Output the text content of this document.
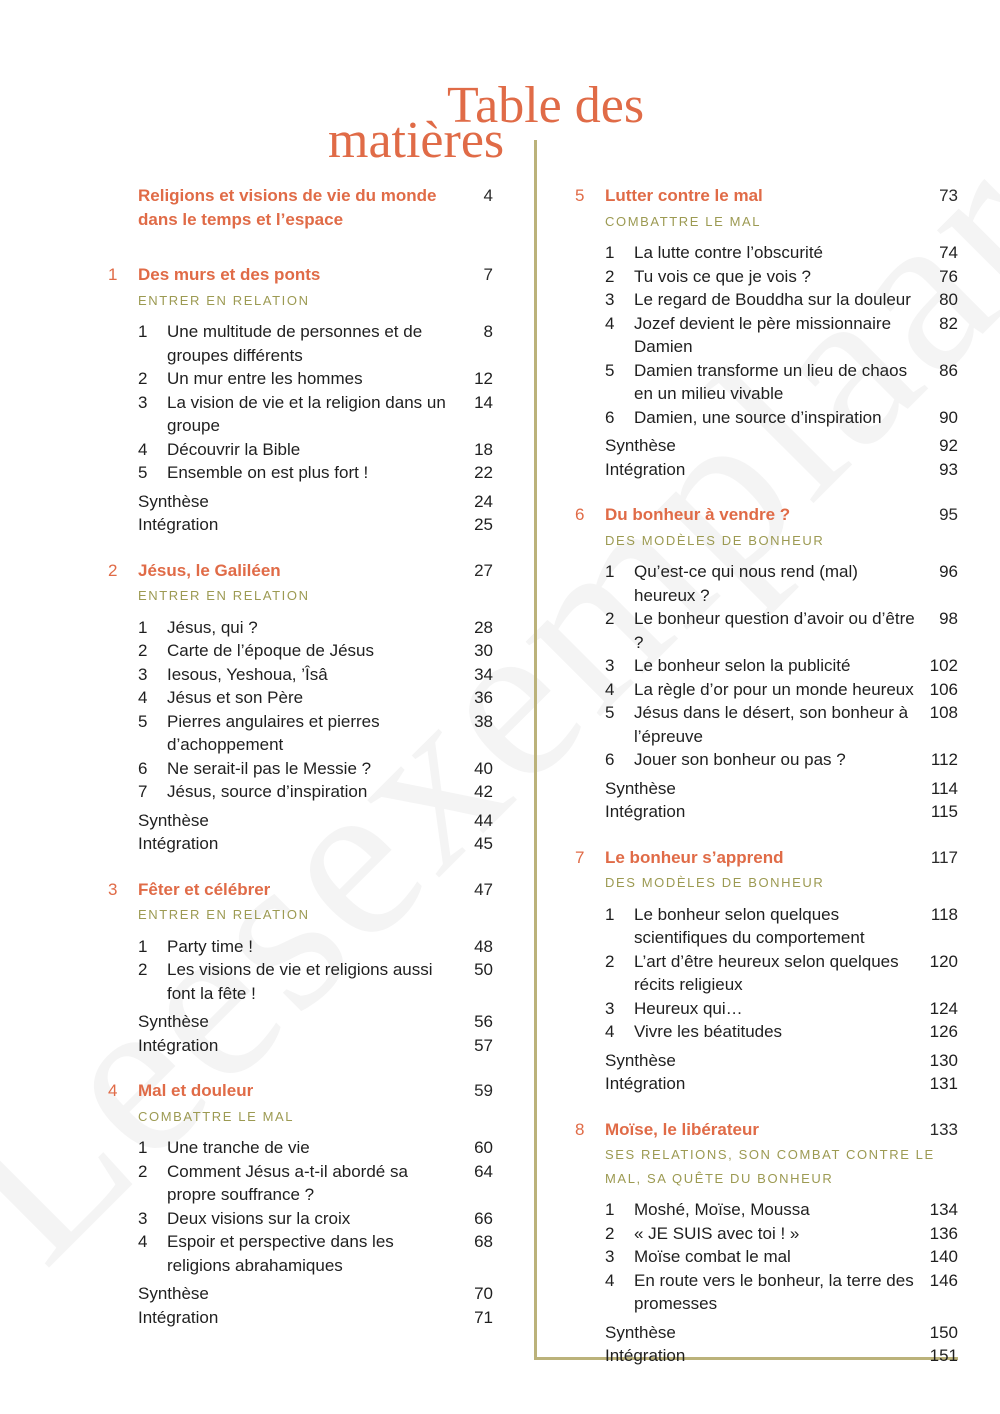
Table des
matières
Religions et visions de vie du monde dans le temps et l’espace
4
1 Des murs et des ponts	7
ENTRER EN RELATION
1 Une multitude de personnes et de groupes différents
8
2 Un mur entre les hommes	12
3 La vision de vie et la religion dans un groupe
14
4 Découvrir la Bible	18
5 Ensemble on est plus fort !	22
Synthèse	24
Intégration	25
2 Jésus, le Galiléen	27
ENTRER EN RELATION
1 Jésus, qui ?	28
2 Carte de l’époque de Jésus	30
3 Iesous, Yeshoua, ’Îsâ	34
4 Jésus et son Père	36
5 Pierres angulaires et pierres d’achoppement
38
6 Ne serait-il pas le Messie ?	40
7 Jésus, source d’inspiration	42
Synthèse	44
Intégration	45
3 Fêter et célébrer	47
ENTRER EN RELATION
1 Party time !	48
2 Les visions de vie et religions aussi font la fête !
50
Synthèse	56
Intégration	57
4 Mal et douleur	59
COMBATTRE LE MAL
1 Une tranche de vie	60
2 Comment Jésus a-t-il abordé sa propre souffrance ?
64
3 Deux visions sur la croix	66
4 Espoir et perspective dans les religions abrahamiques
68
Synthèse	70
Intégration	71
5 Lutter contre le mal	73
COMBATTRE LE MAL
1 La lutte contre l’obscurité	74
2 Tu vois ce que je vois ?	76
3 Le regard de Bouddha sur la douleur 80
4 Jozef devient le père missionnaire Damien
82
5 Damien transforme un lieu de chaos en un milieu vivable
86
6 Damien, une source d’inspiration	90
Synthèse	92
Intégration	93
6 Du bonheur à vendre ?	95
DES MODÈLES DE BONHEUR
1 Qu’est-ce qui nous rend (mal) heureux ?
96
2 Le bonheur question d’avoir ou d’être ?
98
3 Le bonheur selon la publicité	102
4 La règle d’or pour un monde heureux 106
5 Jésus dans le désert, son bonheur à l’épreuve
108
6 Jouer son bonheur ou pas ?	112
Synthèse	114
Intégration	115
7 Le bonheur s’apprend	117
DES MODÈLES DE BONHEUR
1 Le bonheur selon quelques scientifiques du comportement
118
2 L’art d’être heureux selon quelques récits religieux
120
3 Heureux qui…	124
4 Vivre les béatitudes	126
Synthèse	130
Intégration	131
8 Moïse, le libérateur	133
SES RELATIONS, SON COMBAT CONTRE LE MAL, SA QUÊTE DU BONHEUR
1 Moshé, Moïse, Moussa	134
2 « JE SUIS avec toi ! »	136
3 Moïse combat le mal	140
4 En route vers le bonheur, la terre des promesses
146
Synthèse	150
Intégration	151
